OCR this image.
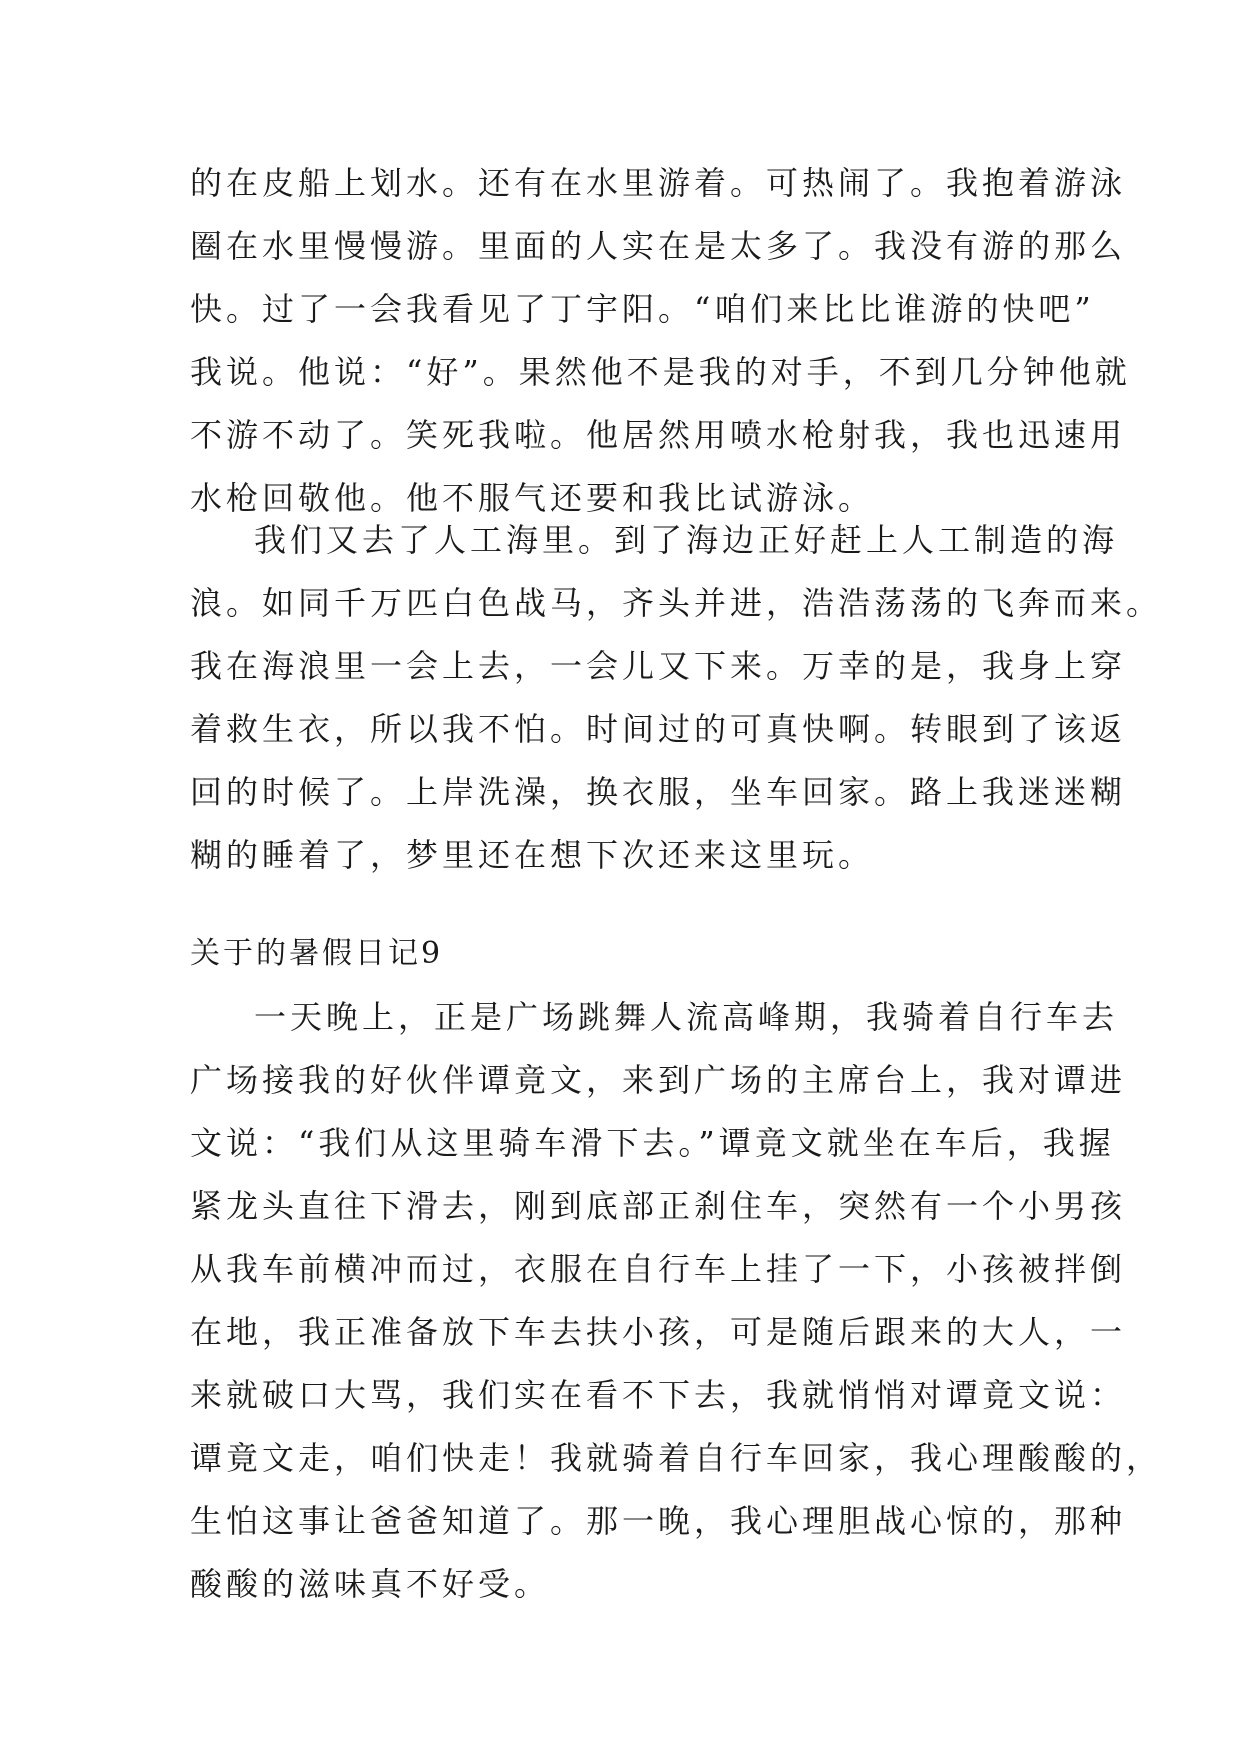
的在皮船上划水。还有在水里游着。可热闹了。我抱着游泳
圈在水里慢慢游。里面的人实在是太多了。我没有游的那么
快。过了一会我看见了丁宇阳。“咱们来比比谁游的快吧”
我说。他说：“好”。果然他不是我的对手，不到几分钟他就
不游不动了。笑死我啦。他居然用喷水枪射我，我也迅速用
水枪回敬他。他不服气还要和我比试游泳。
我们又去了人工海里。到了海边正好赶上人工制造的海
浪。如同千万匹白色战马，齐头并进，浩浩荡荡的飞奔而来。
我在海浪里一会上去，一会儿又下来。万幸的是，我身上穿
着救生衣，所以我不怕。时间过的可真快啊。转眼到了该返
回的时候了。上岸洗澡，换衣服，坐车回家。路上我迷迷糊
糊的睡着了，梦里还在想下次还来这里玩。
关于的暑假日记9
一天晚上，正是广场跳舞人流高峰期，我骑着自行车去
广场接我的好伙伴谭竟文，来到广场的主席台上，我对谭进
文说：“我们从这里骑车滑下去。”谭竟文就坐在车后，我握
紧龙头直往下滑去，刚到底部正刹住车，突然有一个小男孩
从我车前横冲而过，衣服在自行车上挂了一下，小孩被拌倒
在地，我正准备放下车去扶小孩，可是随后跟来的大人，一
来就破口大骂，我们实在看不下去，我就悄悄对谭竟文说：
谭竟文走，咱们快走！我就骑着自行车回家，我心理酸酸的，
生怕这事让爸爸知道了。那一晚，我心理胆战心惊的，那种
酸酸的滋味真不好受。
